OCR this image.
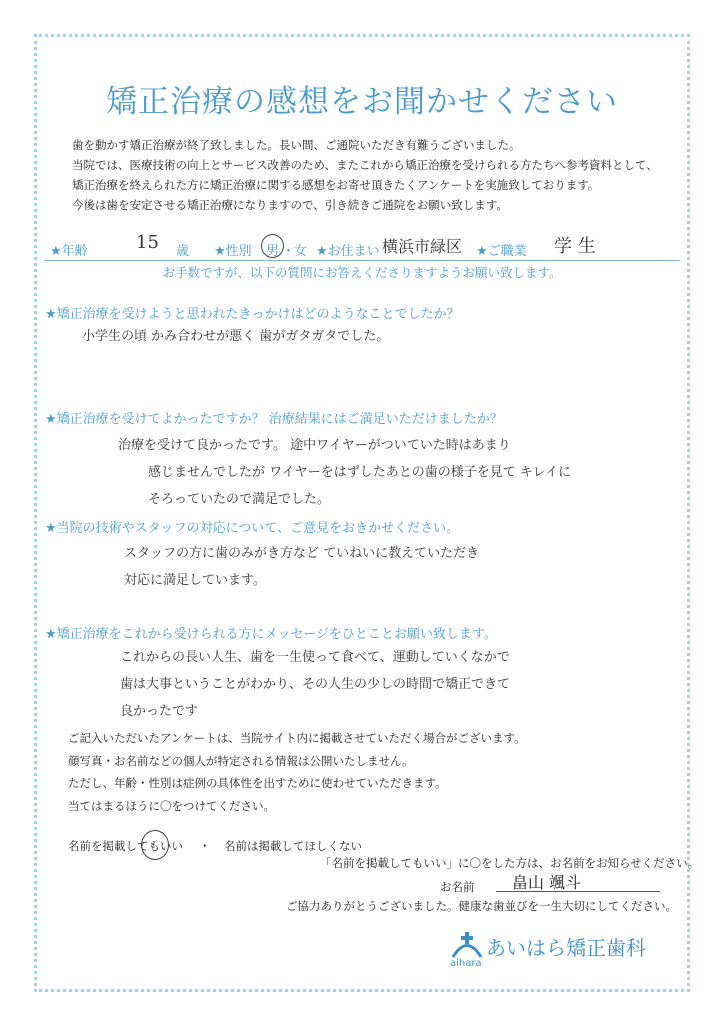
矯正治療の感想をお聞かせください
歯を動かす矯正治療が終了致しました。長い間、ご通院いただき有難うございました。
当院では、医療技術の向上とサービス改善のため、またこれから矯正治療を受けられる方たちへ参考資料として、
矯正治療を終えられた方に矯正治療に関する感想をお寄せ頂きたくアンケートを実施致しております。
今後は歯を安定させる矯正治療になりますので、引き続きご通院をお願い致します。
★年齢	15 歳 ★性別 男 ・
女 ★お住まい 横浜市緑区 ★ご職業 学 生
お手数ですが、以下の質問にお答えくださりますようお願い致します。
★矯正治療を受けようと思われたきっかけはどのようなことでしたか？
小学生の頃 かみ合わせが悪く 歯がガタガタでした。
★矯正治療を受けてよかったですか？ 治療結果にはご満足いただけましたか？
治療を受けて良かったです。 途中ワイヤーがついていた時はあまり
感じませんでしたが ワイヤーをはずしたあとの歯の様子を見て キレイに
そろっていたので満足でした。
★当院の技術やスタッフの対応について、ご意見をおきかせください。
スタッフの方に歯のみがき方など ていねいに教えていただき
対応に満足しています。
★矯正治療をこれから受けられる方にメッセージをひとことお願い致します。
これからの長い人生、歯を一生使って食べて、運動していくなかで
歯は大事ということがわかり、その人生の少しの時間で矯正できて
良かったです
ご記入いただいたアンケートは、当院サイト内に掲載させていただく場合がございます。
顔写真・お名前などの個人が特定される情報は公開いたしません。
ただし、年齢・性別は症例の具体性を出すために使わせていただきます。
当てはまるほうに〇をつけてください。
名前を掲載してもいい ・ 名前は掲載してほしくない
「名前を掲載してもいい」に〇をした方は、お名前をお知らせください。
お名前 畠山 颯斗
ご協力ありがとうございました。健康な歯並びを一生大切にしてください。
あいはら矯正歯科
aihara
